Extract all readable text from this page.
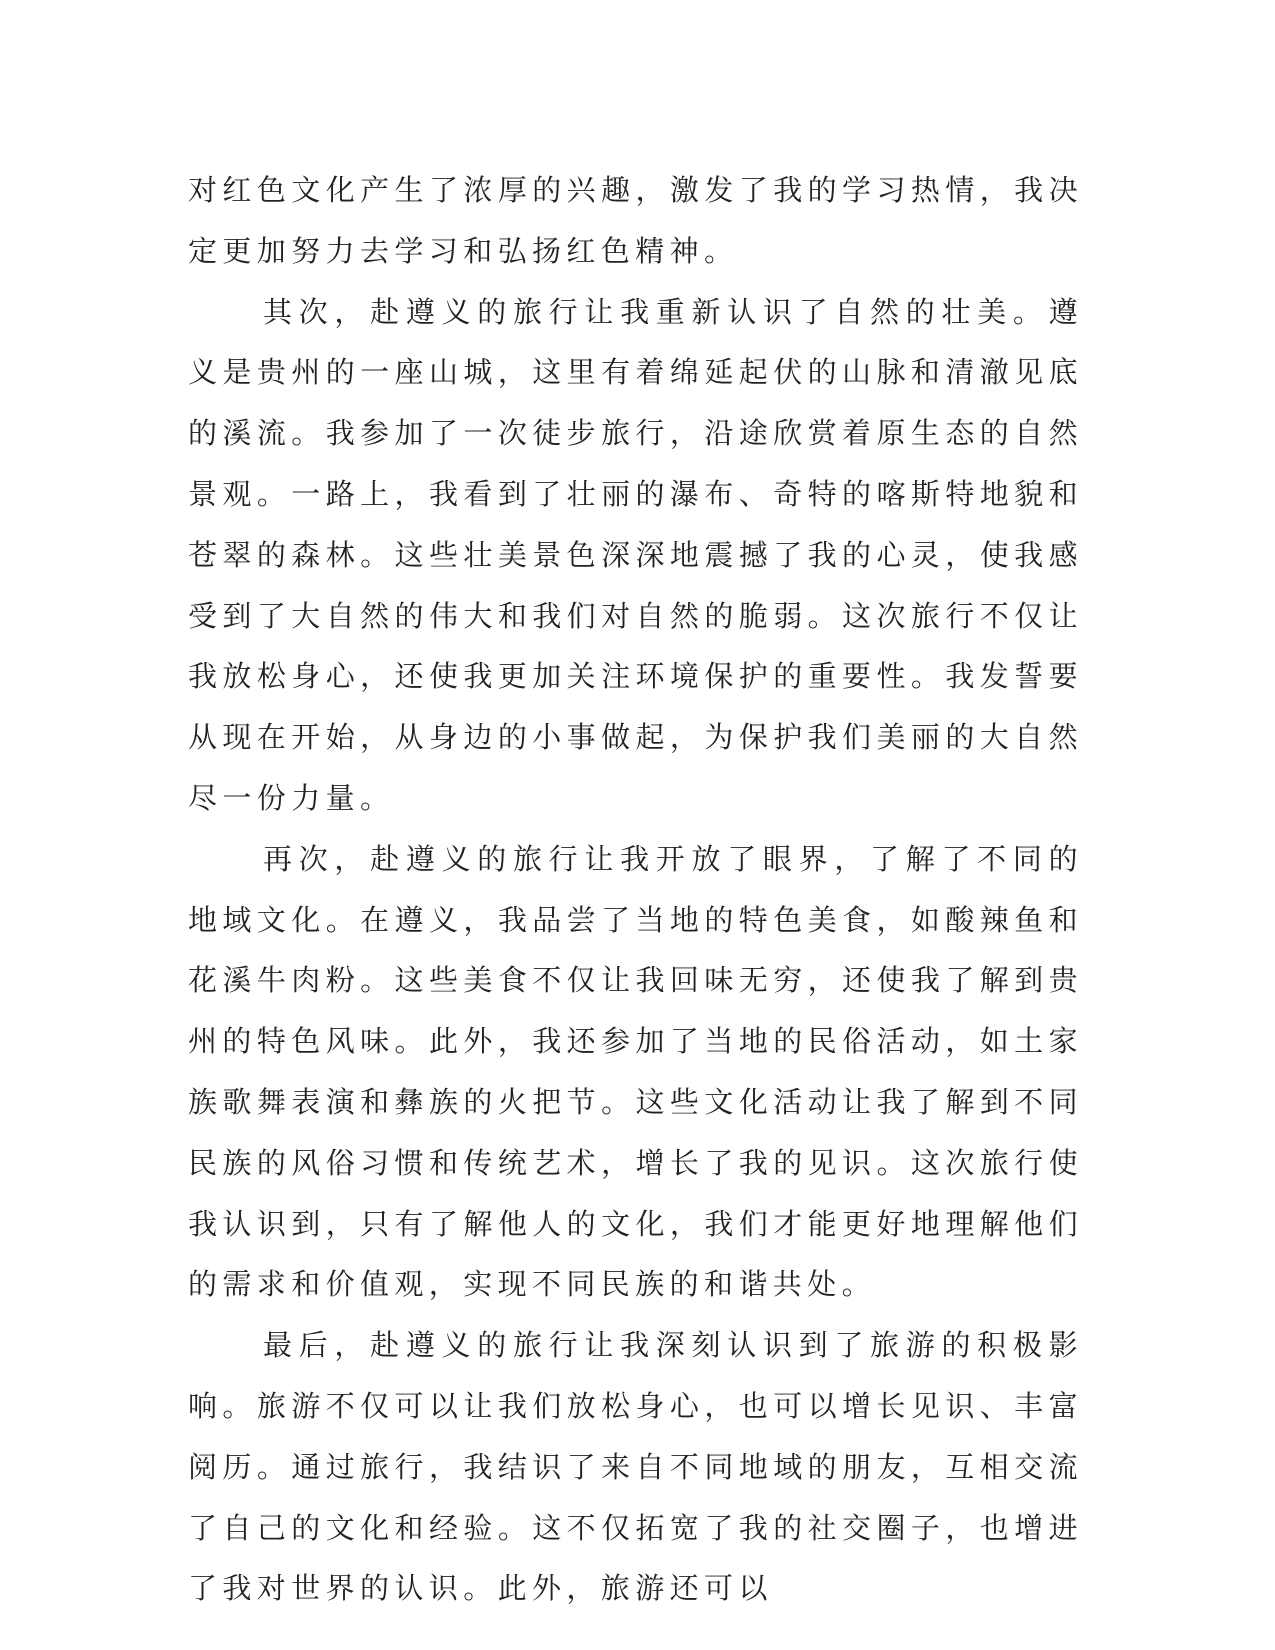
对红色文化产生了浓厚的兴趣，激发了我的学习热情，我决定更加努力去学习和弘扬红色精神。

其次，赴遵义的旅行让我重新认识了自然的壮美。遵义是贵州的一座山城，这里有着绵延起伏的山脉和清澈见底的溪流。我参加了一次徒步旅行，沿途欣赏着原生态的自然景观。一路上，我看到了壮丽的瀑布、奇特的喀斯特地貌和苍翠的森林。这些壮美景色深深地震撼了我的心灵，使我感受到了大自然的伟大和我们对自然的脆弱。这次旅行不仅让我放松身心，还使我更加关注环境保护的重要性。我发誓要从现在开始，从身边的小事做起，为保护我们美丽的大自然尽一份力量。

再次，赴遵义的旅行让我开放了眼界，了解了不同的地域文化。在遵义，我品尝了当地的特色美食，如酸辣鱼和花溪牛肉粉。这些美食不仅让我回味无穷，还使我了解到贵州的特色风味。此外，我还参加了当地的民俗活动，如土家族歌舞表演和彝族的火把节。这些文化活动让我了解到不同民族的风俗习惯和传统艺术，增长了我的见识。这次旅行使我认识到，只有了解他人的文化，我们才能更好地理解他们的需求和价值观，实现不同民族的和谐共处。

最后，赴遵义的旅行让我深刻认识到了旅游的积极影响。旅游不仅可以让我们放松身心，也可以增长见识、丰富阅历。通过旅行，我结识了来自不同地域的朋友，互相交流了自己的文化和经验。这不仅拓宽了我的社交圈子，也增进了我对世界的认识。此外，旅游还可以
